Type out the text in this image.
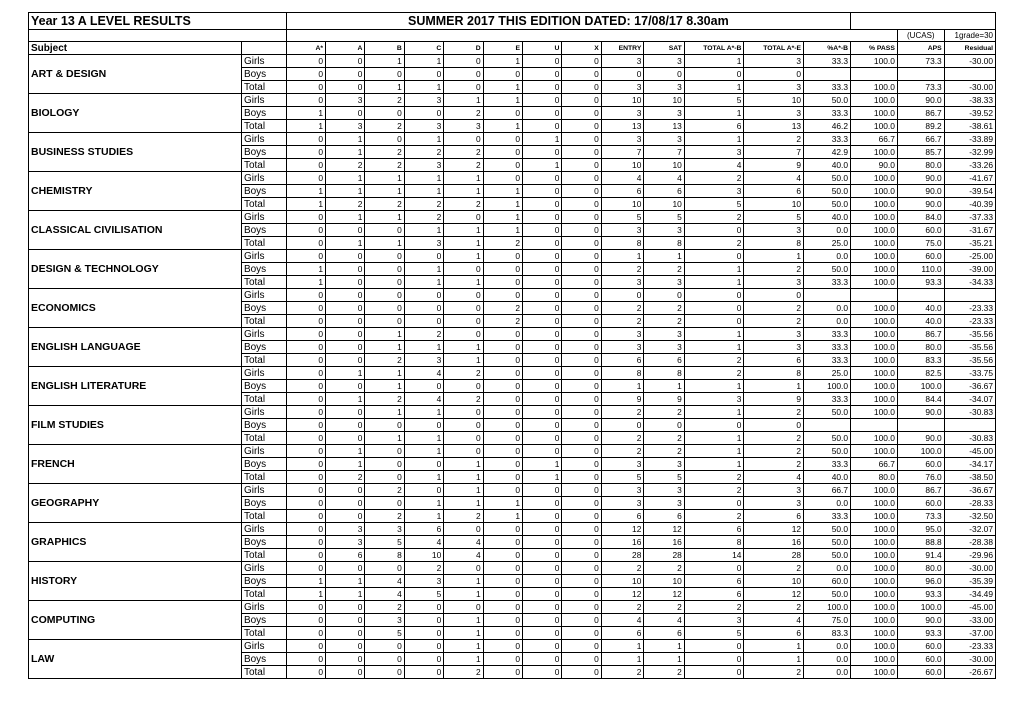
Year 13 A LEVEL RESULTS		SUMMER 2017 THIS EDITION DATED: 17/08/17 8.30am															
																(UCAS)	1grade=30
Subject		A*	A	B	C	D	E	U	X	ENTRY	SAT	TOTAL A*-B	TOTAL A*-E	%A*-B	% PASS	APS	Residual
ART & DESIGN	Girls	0	0	1	1	0	1	0	0	3	3	1	3	33.3	100.0	73.3	-30.00
	Boys	0	0	0	0	0	0	0	0	0	0	0	0				
	Total	0	0	1	1	0	1	0	0	3	3	1	3	33.3	100.0	73.3	-30.00
BIOLOGY	Girls	0	3	2	3	1	1	0	0	10	10	5	10	50.0	100.0	90.0	-38.33
	Boys	1	0	0	0	2	0	0	0	3	3	1	3	33.3	100.0	86.7	-39.52
	Total	1	3	2	3	3	1	0	0	13	13	6	13	46.2	100.0	89.2	-38.61
BUSINESS STUDIES	Girls	0	1	0	1	0	0	1	0	3	3	1	2	33.3	66.7	66.7	-33.89
	Boys	0	1	2	2	2	0	0	0	7	7	3	7	42.9	100.0	85.7	-32.99
	Total	0	2	2	3	2	0	1	0	10	10	4	9	40.0	90.0	80.0	-33.26
CHEMISTRY	Girls	0	1	1	1	1	0	0	0	4	4	2	4	50.0	100.0	90.0	-41.67
	Boys	1	1	1	1	1	1	0	0	6	6	3	6	50.0	100.0	90.0	-39.54
	Total	1	2	2	2	2	1	0	0	10	10	5	10	50.0	100.0	90.0	-40.39
CLASSICAL CIVILISATION	Girls	0	1	1	2	0	1	0	0	5	5	2	5	40.0	100.0	84.0	-37.33
	Boys	0	0	0	1	1	1	0	0	3	3	0	3	0.0	100.0	60.0	-31.67
	Total	0	1	1	3	1	2	0	0	8	8	2	8	25.0	100.0	75.0	-35.21
DESIGN & TECHNOLOGY	Girls	0	0	0	0	1	0	0	0	1	1	0	1	0.0	100.0	60.0	-25.00
	Boys	1	0	0	1	0	0	0	0	2	2	1	2	50.0	100.0	110.0	-39.00
	Total	1	0	0	1	1	0	0	0	3	3	1	3	33.3	100.0	93.3	-34.33
ECONOMICS	Girls	0	0	0	0	0	0	0	0	0	0	0	0				
	Boys	0	0	0	0	0	2	0	0	2	2	0	2	0.0	100.0	40.0	-23.33
	Total	0	0	0	0	0	2	0	0	2	2	0	2	0.0	100.0	40.0	-23.33
ENGLISH LANGUAGE	Girls	0	0	1	2	0	0	0	0	3	3	1	3	33.3	100.0	86.7	-35.56
	Boys	0	0	1	1	1	0	0	0	3	3	1	3	33.3	100.0	80.0	-35.56
	Total	0	0	2	3	1	0	0	0	6	6	2	6	33.3	100.0	83.3	-35.56
ENGLISH LITERATURE	Girls	0	1	1	4	2	0	0	0	8	8	2	8	25.0	100.0	82.5	-33.75
	Boys	0	0	1	0	0	0	0	0	1	1	1	1	100.0	100.0	100.0	-36.67
	Total	0	1	2	4	2	0	0	0	9	9	3	9	33.3	100.0	84.4	-34.07
FILM STUDIES	Girls	0	0	1	1	0	0	0	0	2	2	1	2	50.0	100.0	90.0	-30.83
	Boys	0	0	0	0	0	0	0	0	0	0	0	0				
	Total	0	0	1	1	0	0	0	0	2	2	1	2	50.0	100.0	90.0	-30.83
FRENCH	Girls	0	1	0	1	0	0	0	0	2	2	1	2	50.0	100.0	100.0	-45.00
	Boys	0	1	0	0	1	0	1	0	3	3	1	2	33.3	66.7	60.0	-34.17
	Total	0	2	0	1	1	0	1	0	5	5	2	4	40.0	80.0	76.0	-38.50
GEOGRAPHY	Girls	0	0	2	0	1	0	0	0	3	3	2	3	66.7	100.0	86.7	-36.67
	Boys	0	0	0	1	1	1	0	0	3	3	0	3	0.0	100.0	60.0	-28.33
	Total	0	0	2	1	2	1	0	0	6	6	2	6	33.3	100.0	73.3	-32.50
GRAPHICS	Girls	0	3	3	6	0	0	0	0	12	12	6	12	50.0	100.0	95.0	-32.07
	Boys	0	3	5	4	4	0	0	0	16	16	8	16	50.0	100.0	88.8	-28.38
	Total	0	6	8	10	4	0	0	0	28	28	14	28	50.0	100.0	91.4	-29.96
HISTORY	Girls	0	0	0	2	0	0	0	0	2	2	0	2	0.0	100.0	80.0	-30.00
	Boys	1	1	4	3	1	0	0	0	10	10	6	10	60.0	100.0	96.0	-35.39
	Total	1	1	4	5	1	0	0	0	12	12	6	12	50.0	100.0	93.3	-34.49
COMPUTING	Girls	0	0	2	0	0	0	0	0	2	2	2	2	100.0	100.0	100.0	-45.00
	Boys	0	0	3	0	1	0	0	0	4	4	3	4	75.0	100.0	90.0	-33.00
	Total	0	0	5	0	1	0	0	0	6	6	5	6	83.3	100.0	93.3	-37.00
LAW	Girls	0	0	0	0	1	0	0	0	1	1	0	1	0.0	100.0	60.0	-23.33
	Boys	0	0	0	0	1	0	0	0	1	1	0	1	0.0	100.0	60.0	-30.00
	Total	0	0	0	0	2	0	0	0	2	2	0	2	0.0	100.0	60.0	-26.67
